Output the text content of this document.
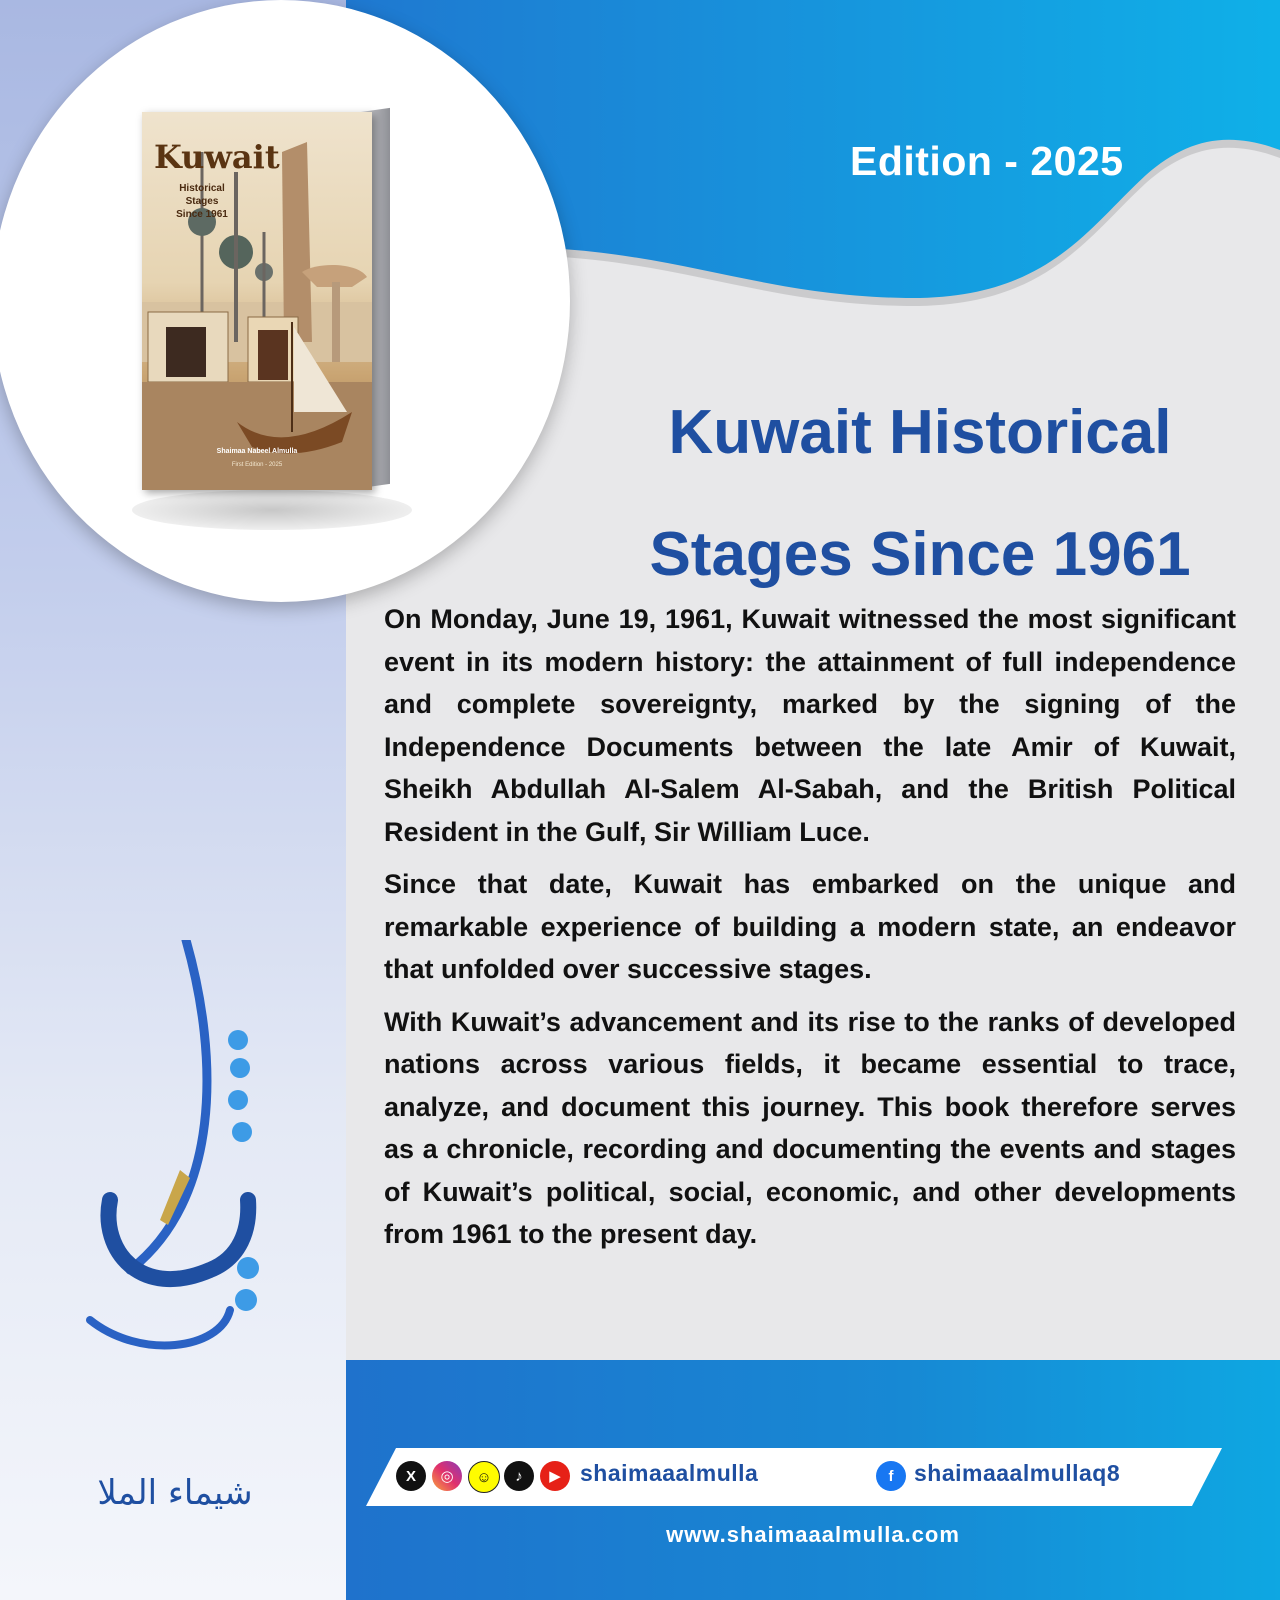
Edition - 2025
Kuwait
Historical Stages
Since 1961
Shaimaa Nabeel Almulla
First Edition - 2025	Kuwait Historical
Stages Since 1961

On Monday, June 19, 1961, Kuwait witnessed the most significant event in its modern history: the attainment of full independence and complete sovereignty, marked by the signing of the Independence Documents between the late Amir of Kuwait, Sheikh Abdullah Al-Salem Al-Sabah, and the British Political Resident in the Gulf, Sir William Luce.

Since that date, Kuwait has embarked on the unique and remarkable experience of building a modern state, an endeavor that unfolded over successive stages.

With Kuwait’s advancement and its rise to the ranks of developed nations across various fields, it became essential to trace, analyze, and document this journey. This book therefore serves as a chronicle, recording and documenting the events and stages of Kuwait’s political, social, economic, and other developments from 1961 to the present day.

شيماء الملا	X	◎	☺	♪	▶ shaimaaalmulla	f shaimaaalmullaq8
www.shaimaaalmulla.com
